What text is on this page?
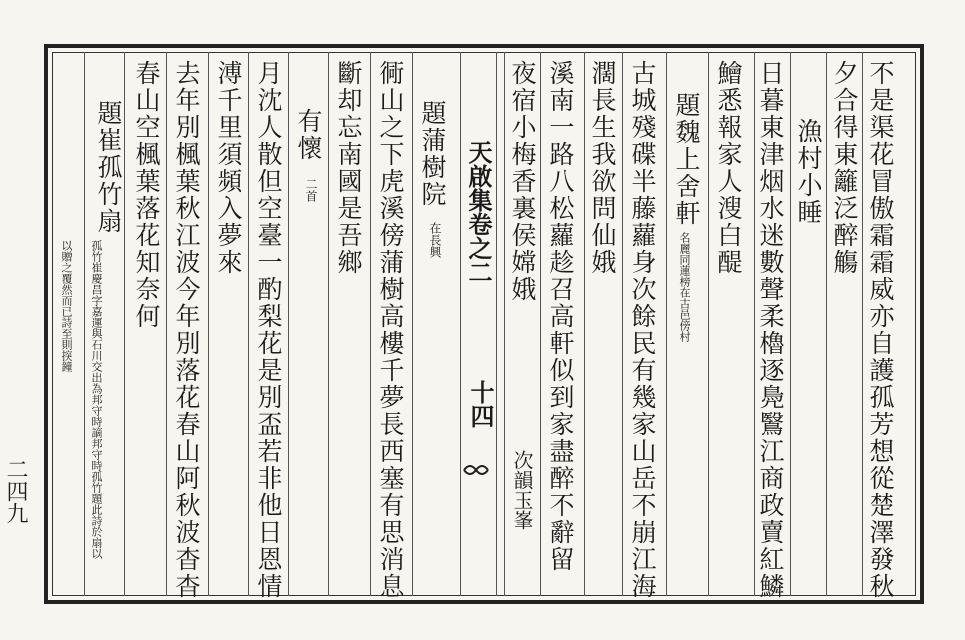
不是渠花冒傲霜霜威亦自護孤芳想從楚澤發秋
夕合得東籬泛醉觴
漁村小睡
日暮東津烟水迷數聲柔櫓逐鳧鷖江商政賣紅鱗
鱠悉報家人溲白醍
題魏上舍軒
名麗同蓮榜在古邑傍村
古城殘碟半藤蘿身次餘民有幾家山岳不崩江海
濶長生我欲問仙娥
溪南一路八松蘿趁召高軒似到家盡醉不辭留
夜宿小梅香裏侯嫦娥
次韻玉峯
天啟集卷之二
十四
題蒲樹院
在長興
衕山之下虎溪傍蒲樹高樓千夢長西塞有思消息
斷却忘南國是吾鄉
有懷
二首
月沈人散但空臺一酌梨花是別盃若非他日恩情
溥千里須頻入夢來
去年別楓葉秋江波今年別落花春山阿秋波杳杳
春山空楓葉落花知奈何
題崔孤竹扇
孤竹崔慶昌字嘉運與石川交出為邦守時謫邦守時孤竹題此詩於扇以
以贈之覆然而已詩至則揬鐘
二四九
